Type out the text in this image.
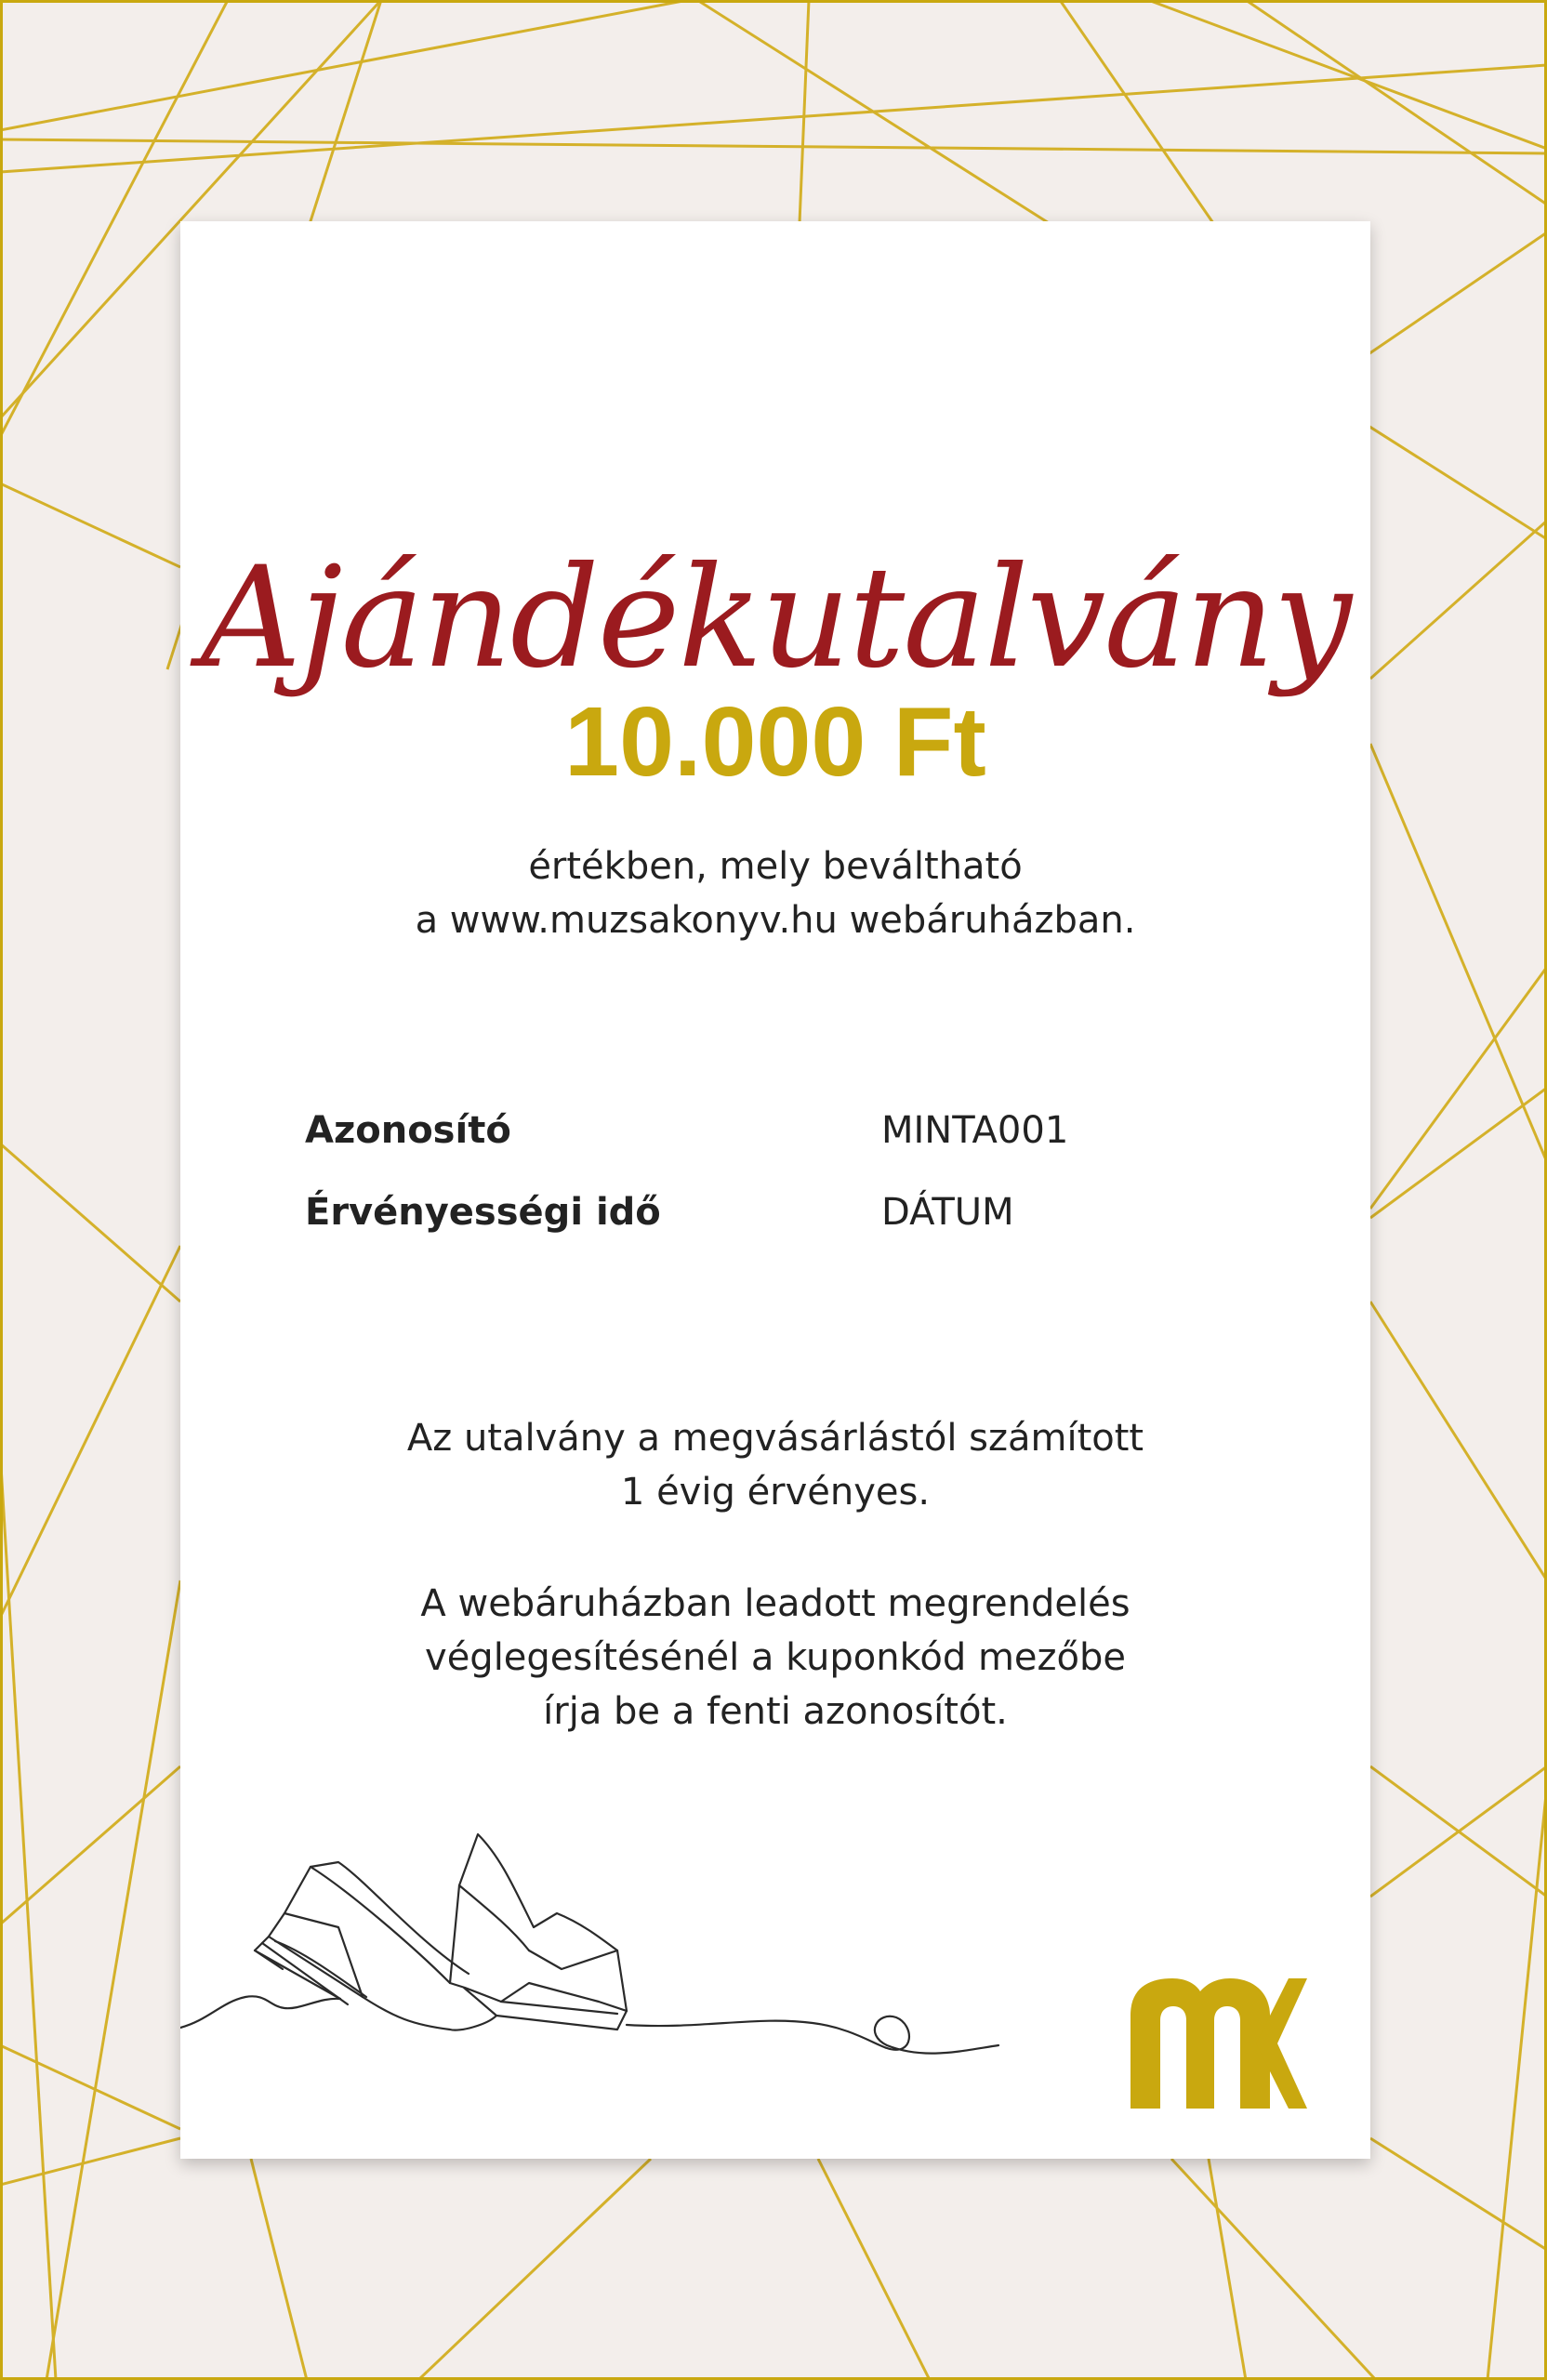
Ajándékutalvány
10.000 Ft
értékben, mely beváltható
a www.muzsakonyv.hu webáruházban.
Azonosító	MINTA001
Érvényességi idő	DÁTUM
Az utalvány a megvásárlástól számított
1 évig érvényes.
A webáruházban leadott megrendelés
véglegesítésénél a kuponkód mezőbe
írja be a fenti azonosítót.
